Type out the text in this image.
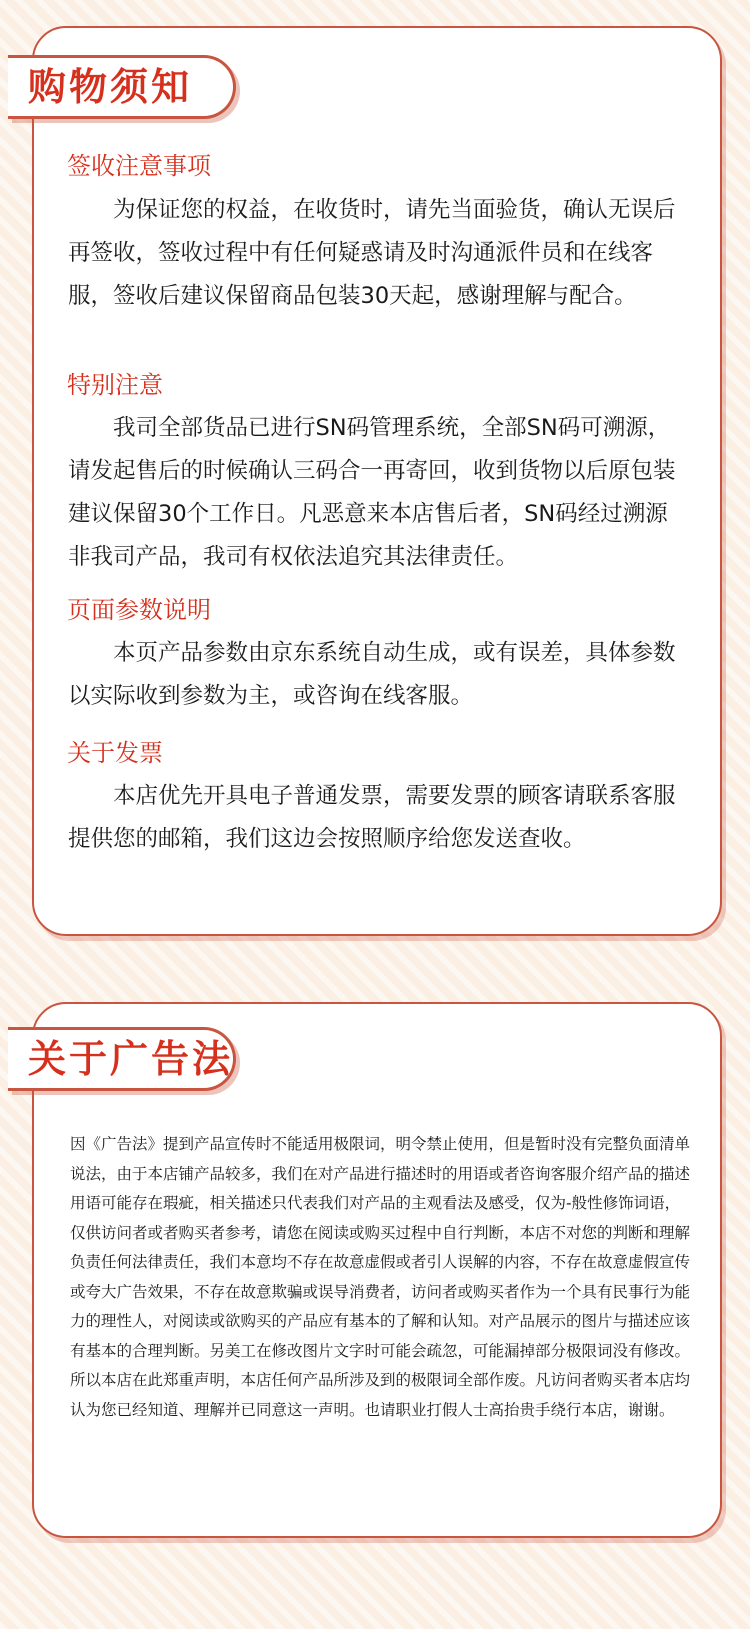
购物须知
签收注意事项

为保证您的权益，在收货时，请先当面验货，确认无误后再签收，签收过程中有任何疑惑请及时沟通派件员和在线客服，签收后建议保留商品包装30天起，感谢理解与配合。

特别注意

我司全部货品已进行SN码管理系统，全部SN码可溯源，请发起售后的时候确认三码合一再寄回，收到货物以后原包装建议保留30个工作日。凡恶意来本店售后者，SN码经过溯源非我司产品，我司有权依法追究其法律责任。

页面参数说明

本页产品参数由京东系统自动生成，或有误差，具体参数以实际收到参数为主，或咨询在线客服。

关于发票

本店优先开具电子普通发票，需要发票的顾客请联系客服提供您的邮箱，我们这边会按照顺序给您发送查收。

关于广告法

因《广告法》提到产品宣传时不能适用极限词，明令禁止使用，但是暂时没有完整负面清单说法，由于本店铺产品较多，我们在对产品进行描述时的用语或者咨询客服介绍产品的描述用语可能存在瑕疵，相关描述只代表我们对产品的主观看法及感受，仅为-般性修饰词语，仅供访问者或者购买者参考，请您在阅读或购买过程中自行判断，本店不对您的判断和理解负责任何法律责任，我们本意均不存在故意虚假或者引人误解的内容，不存在故意虚假宣传或夸大广告效果，不存在故意欺骗或误导消费者，访问者或购买者作为一个具有民事行为能力的理性人，对阅读或欲购买的产品应有基本的了解和认知。对产品展示的图片与描述应该有基本的合理判断。另美工在修改图片文字时可能会疏忽，可能漏掉部分极限词没有修改。所以本店在此郑重声明，本店任何产品所涉及到的极限词全部作废。凡访问者购买者本店均认为您已经知道、理解并已同意这一声明。也请职业打假人士高抬贵手绕行本店，谢谢。
